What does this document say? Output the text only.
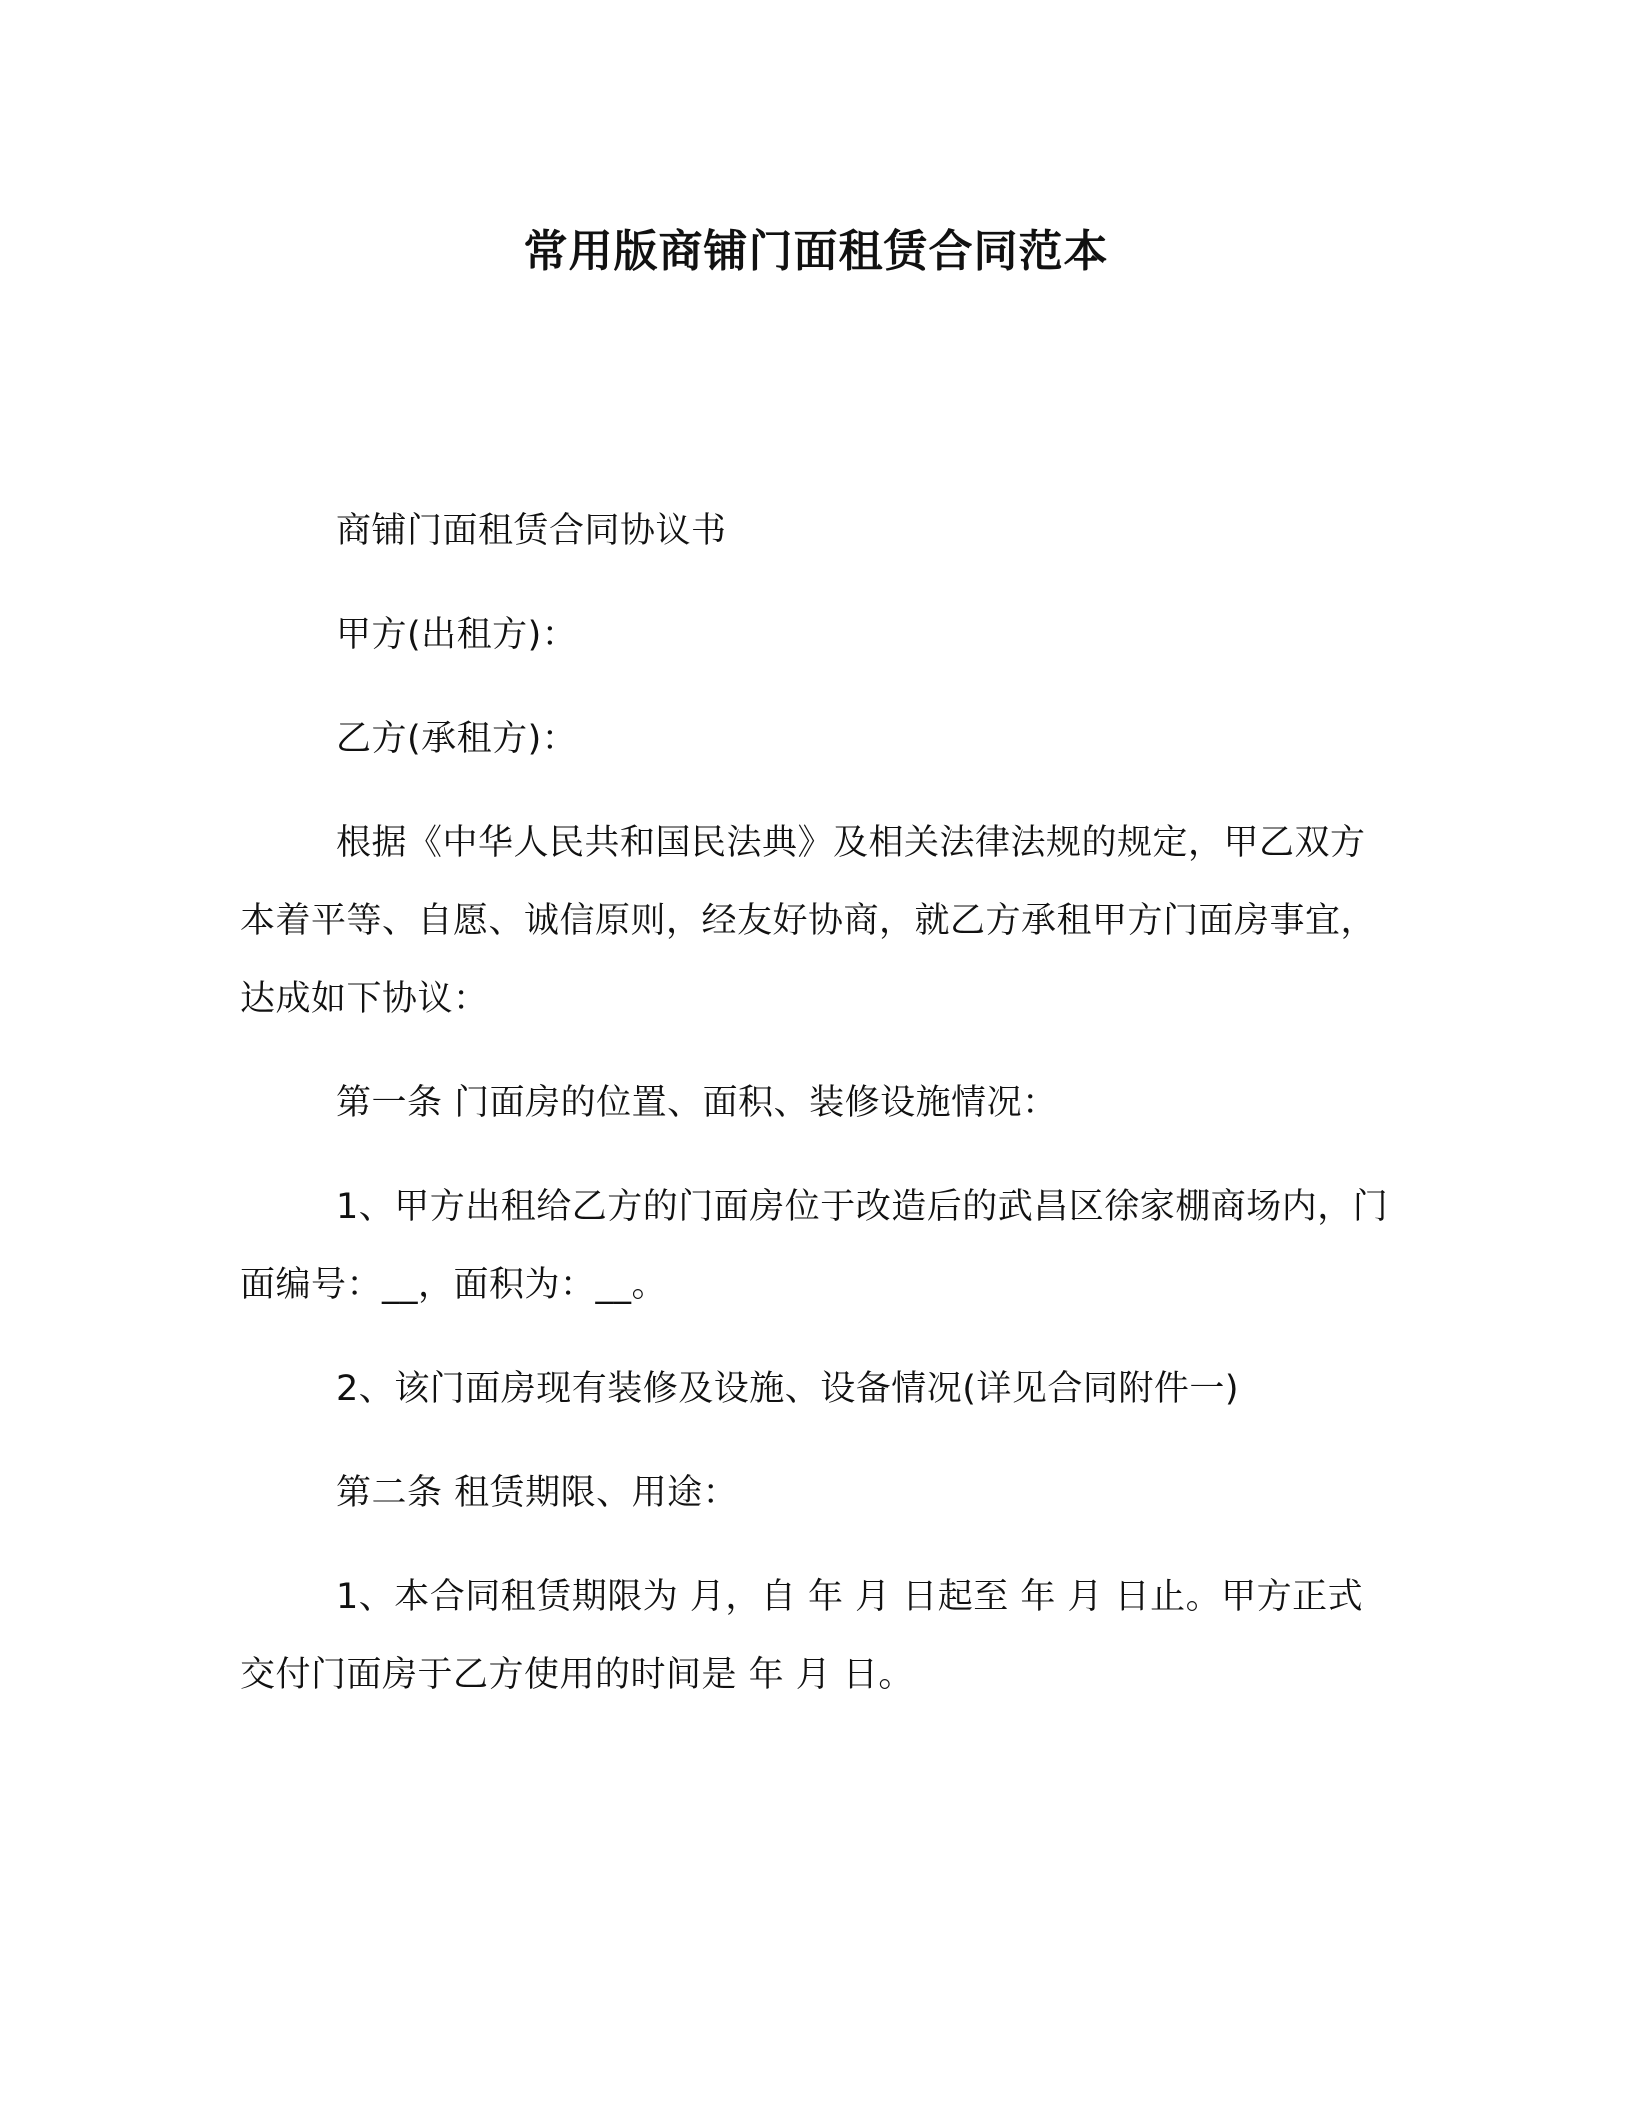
常用版商铺门面租赁合同范本

商铺门面租赁合同协议书

甲方(出租方)：

乙方(承租方)：

根据《中华人民共和国民法典》及相关法律法规的规定，甲乙双方本着平等、自愿、诚信原则，经友好协商，就乙方承租甲方门面房事宜，达成如下协议：

第一条 门面房的位置、面积、装修设施情况：

1、甲方出租给乙方的门面房位于改造后的武昌区徐家棚商场内，门面编号：__，面积为：__。

2、该门面房现有装修及设施、设备情况(详见合同附件一)

第二条 租赁期限、用途：

1、本合同租赁期限为 月，自 年 月 日起至 年 月 日止。甲方正式交付门面房于乙方使用的时间是 年 月 日。
